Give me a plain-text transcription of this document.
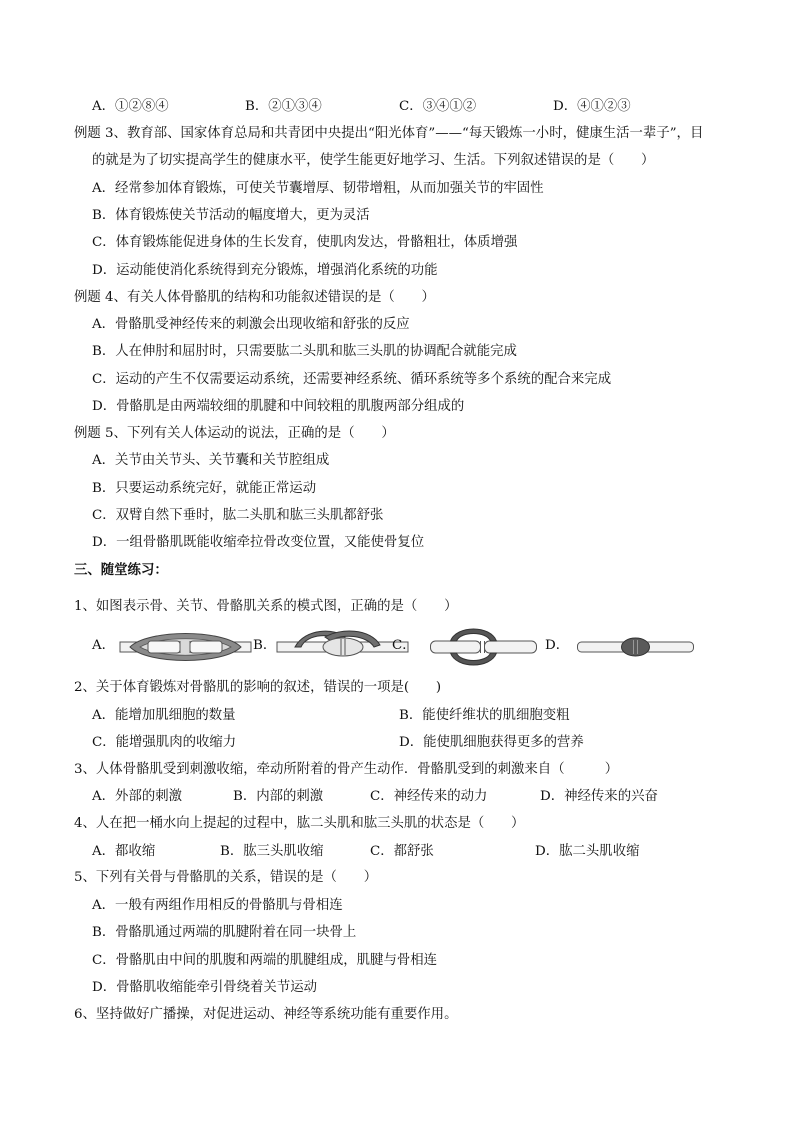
A．①②⑧④	B．②①③④	C．③④①②	D．④①②③
例题 3、教育部、国家体育总局和共青团中央提出“阳光体育”——“每天锻炼一小时，健康生活一辈子”，目
的就是为了切实提高学生的健康水平，使学生能更好地学习、生活。下列叙述错误的是（　　）
A．经常参加体育锻炼，可使关节囊增厚、韧带增粗，从而加强关节的牢固性
B．体育锻炼使关节活动的幅度增大，更为灵活
C．体育锻炼能促进身体的生长发育，使肌肉发达，骨骼粗壮，体质增强
D．运动能使消化系统得到充分锻炼，增强消化系统的功能
例题 4、有关人体骨骼肌的结构和功能叙述错误的是（　　）
A．骨骼肌受神经传来的刺激会出现收缩和舒张的反应
B．人在伸肘和屈肘时，只需要肱二头肌和肱三头肌的协调配合就能完成
C．运动的产生不仅需要运动系统，还需要神经系统、循环系统等多个系统的配合来完成
D．骨骼肌是由两端较细的肌腱和中间较粗的肌腹两部分组成的
例题 5、下列有关人体运动的说法，正确的是（　　）
A．关节由关节头、关节囊和关节腔组成
B．只要运动系统完好，就能正常运动
C．双臂自然下垂时，肱二头肌和肱三头肌都舒张
D．一组骨骼肌既能收缩牵拉骨改变位置，又能使骨复位
三、随堂练习：
1、如图表示骨、关节、骨骼肌关系的模式图，正确的是（　　）
A．	B．	C．	D．
2、关于体育锻炼对骨骼肌的影响的叙述，错误的一项是(　　)
A．能增加肌细胞的数量	B．能使纤维状的肌细胞变粗
C．能增强肌肉的收缩力	D．能使肌细胞获得更多的营养
3、人体骨骼肌受到刺激收缩，牵动所附着的骨产生动作．骨骼肌受到的刺激来自（　　　）
A．外部的刺激	B．内部的刺激	C．神经传来的动力	D．神经传来的兴奋
4、人在把一桶水向上提起的过程中，肱二头肌和肱三头肌的状态是（　　）
A．都收缩	B．肱三头肌收缩	C．都舒张	D．肱二头肌收缩
5、下列有关骨与骨骼肌的关系，错误的是（　　）
A．一般有两组作用相反的骨骼肌与骨相连
B．骨骼肌通过两端的肌腱附着在同一块骨上
C．骨骼肌由中间的肌腹和两端的肌腱组成，肌腱与骨相连
D．骨骼肌收缩能牵引骨绕着关节运动
6、坚持做好广播操，对促进运动、神经等系统功能有重要作用。
